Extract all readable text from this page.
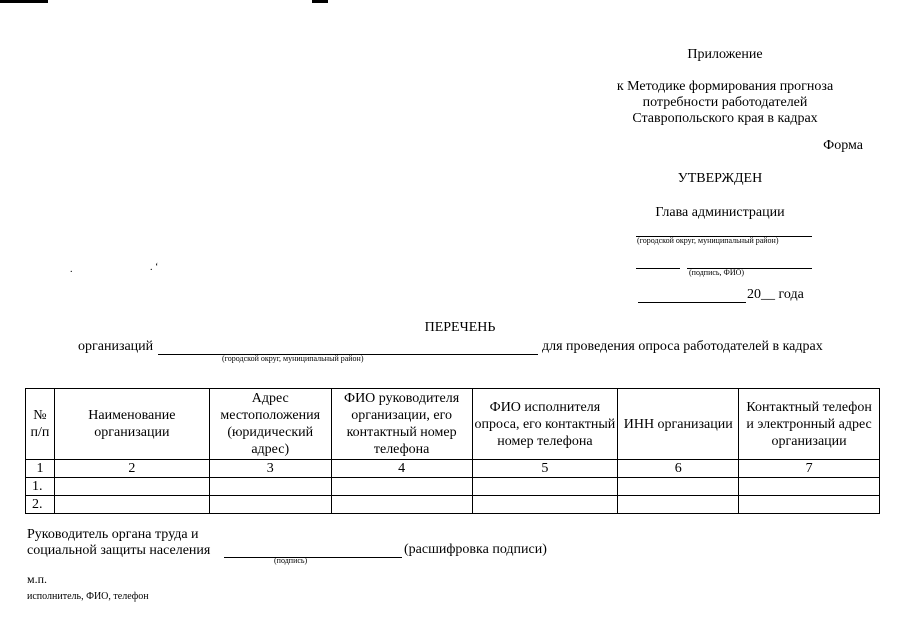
Приложение
к Методике формирования прогноза
потребности работодателей
Ставропольского края в кадрах
Форма
УТВЕРЖДЕН
Глава администрации
(городской округ, муниципальный район)
(подпись, ФИО)
20__ года
.	. ‘
ПЕРЕЧЕНЬ
организаций
(городской округ, муниципальный район)
для проведения опроса работодателей в кадрах
№ п/п	Наименование организации	Адрес местоположения (юридический адрес)	ФИО руководителя организации, его контактный номер телефона	ФИО исполнителя опроса, его контактный номер телефона	ИНН организации	Контактный телефон и электронный адрес организации
1	2	3	4	5	6	7
1.						
2.						
Руководитель органа труда и
социальной защиты населения
(подпись)
(расшифровка подписи)
м.п.
исполнитель, ФИО, телефон
